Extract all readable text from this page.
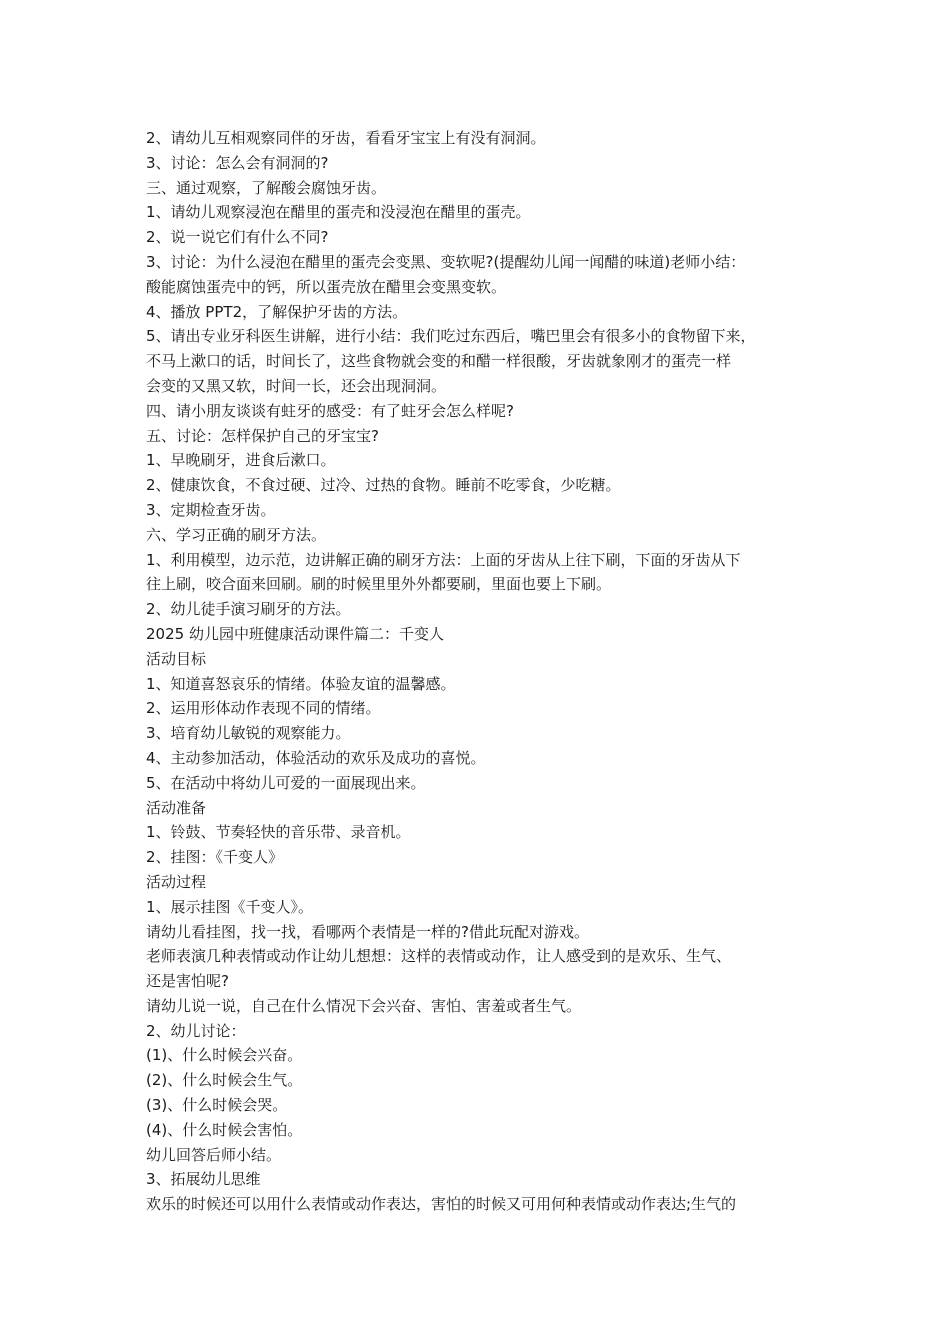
2、请幼儿互相观察同伴的牙齿，看看牙宝宝上有没有洞洞。

3、讨论：怎么会有洞洞的?

三、通过观察，了解酸会腐蚀牙齿。

1、请幼儿观察浸泡在醋里的蛋壳和没浸泡在醋里的蛋壳。

2、说一说它们有什么不同?

3、讨论：为什么浸泡在醋里的蛋壳会变黑、变软呢?(提醒幼儿闻一闻醋的味道)老师小结：

酸能腐蚀蛋壳中的钙，所以蛋壳放在醋里会变黑变软。

4、播放 PPT2，了解保护牙齿的方法。

5、请出专业牙科医生讲解，进行小结：我们吃过东西后，嘴巴里会有很多小的食物留下来，

不马上漱口的话，时间长了，这些食物就会变的和醋一样很酸，牙齿就象刚才的蛋壳一样

会变的又黑又软，时间一长，还会出现洞洞。

四、请小朋友谈谈有蛀牙的感受：有了蛀牙会怎么样呢?

五、讨论：怎样保护自己的牙宝宝?

1、早晚刷牙，进食后漱口。

2、健康饮食，不食过硬、过冷、过热的食物。睡前不吃零食，少吃糖。

3、定期检查牙齿。

六、学习正确的刷牙方法。

1、利用模型，边示范，边讲解正确的刷牙方法：上面的牙齿从上往下刷，下面的牙齿从下

往上刷，咬合面来回刷。刷的时候里里外外都要刷，里面也要上下刷。

2、幼儿徒手演习刷牙的方法。

2025 幼儿园中班健康活动课件篇二：千变人

活动目标

1、知道喜怒哀乐的情绪。体验友谊的温馨感。

2、运用形体动作表现不同的情绪。

3、培育幼儿敏锐的观察能力。

4、主动参加活动，体验活动的欢乐及成功的喜悦。

5、在活动中将幼儿可爱的一面展现出来。

活动准备

1、铃鼓、节奏轻快的音乐带、录音机。

2、挂图：《千变人》

活动过程

1、展示挂图《千变人》。

请幼儿看挂图，找一找，看哪两个表情是一样的?借此玩配对游戏。

老师表演几种表情或动作让幼儿想想：这样的表情或动作，让人感受到的是欢乐、生气、

还是害怕呢?

请幼儿说一说，自己在什么情况下会兴奋、害怕、害羞或者生气。

2、幼儿讨论：

(1)、什么时候会兴奋。

(2)、什么时候会生气。

(3)、什么时候会哭。

(4)、什么时候会害怕。

幼儿回答后师小结。

3、拓展幼儿思维

欢乐的时候还可以用什么表情或动作表达，害怕的时候又可用何种表情或动作表达;生气的
